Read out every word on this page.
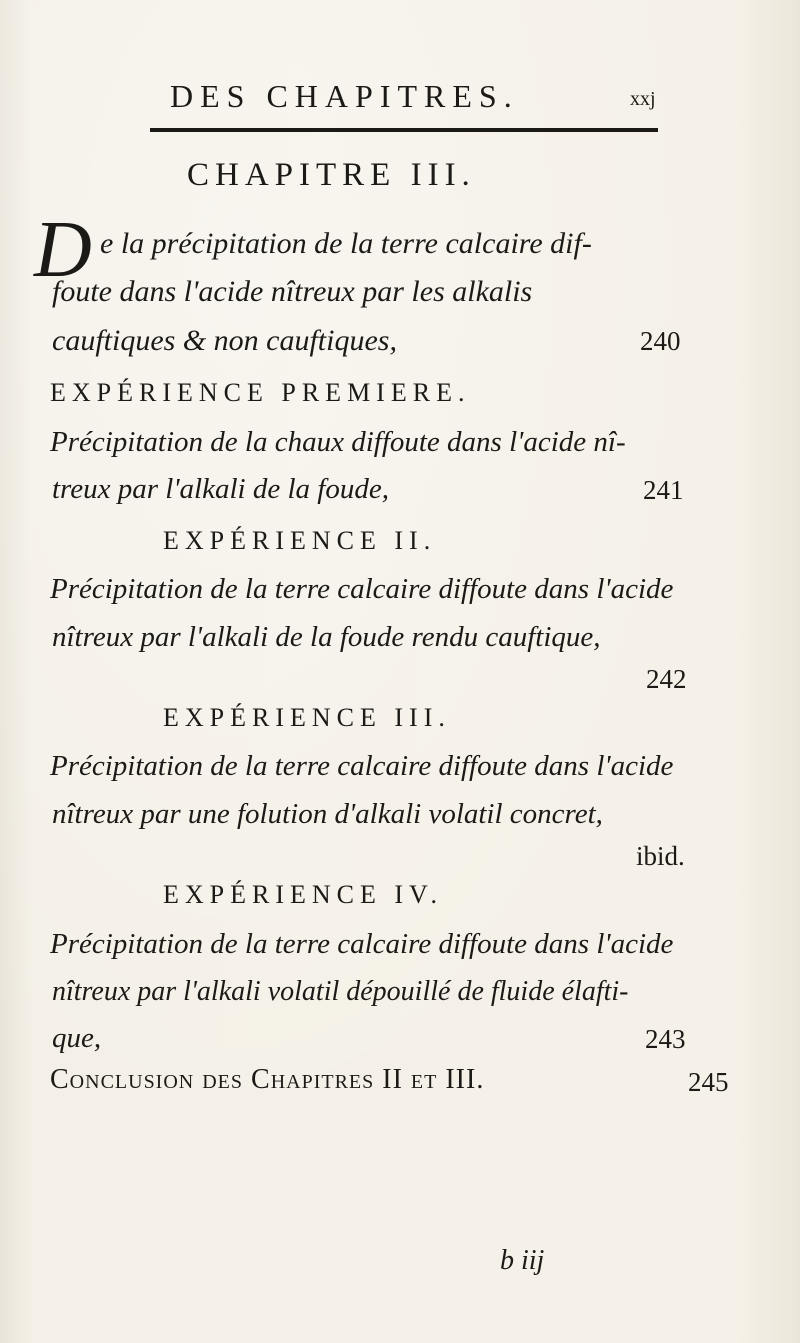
DES CHAPITRES.	xxj
CHAPITRE III.
D e la précipitation de la terre calcaire dif-
foute dans l'acide nîtreux par les alkalis
cauftiques & non cauftiques,	240
EXPÉRIENCE PREMIERE.
Précipitation de la chaux diffoute dans l'acide nî-
treux par l'alkali de la foude,	241
EXPÉRIENCE II.
Précipitation de la terre calcaire diffoute dans l'acide
nîtreux par l'alkali de la foude rendu cauftique,
242
EXPÉRIENCE III.
Précipitation de la terre calcaire diffoute dans l'acide
nîtreux par une folution d'alkali volatil concret,
ibid.
EXPÉRIENCE IV.
Précipitation de la terre calcaire diffoute dans l'acide
nîtreux par l'alkali volatil dépouillé de fluide élafti-
que,	243
Conclusion des Chapitres II et III.	245
b iij
